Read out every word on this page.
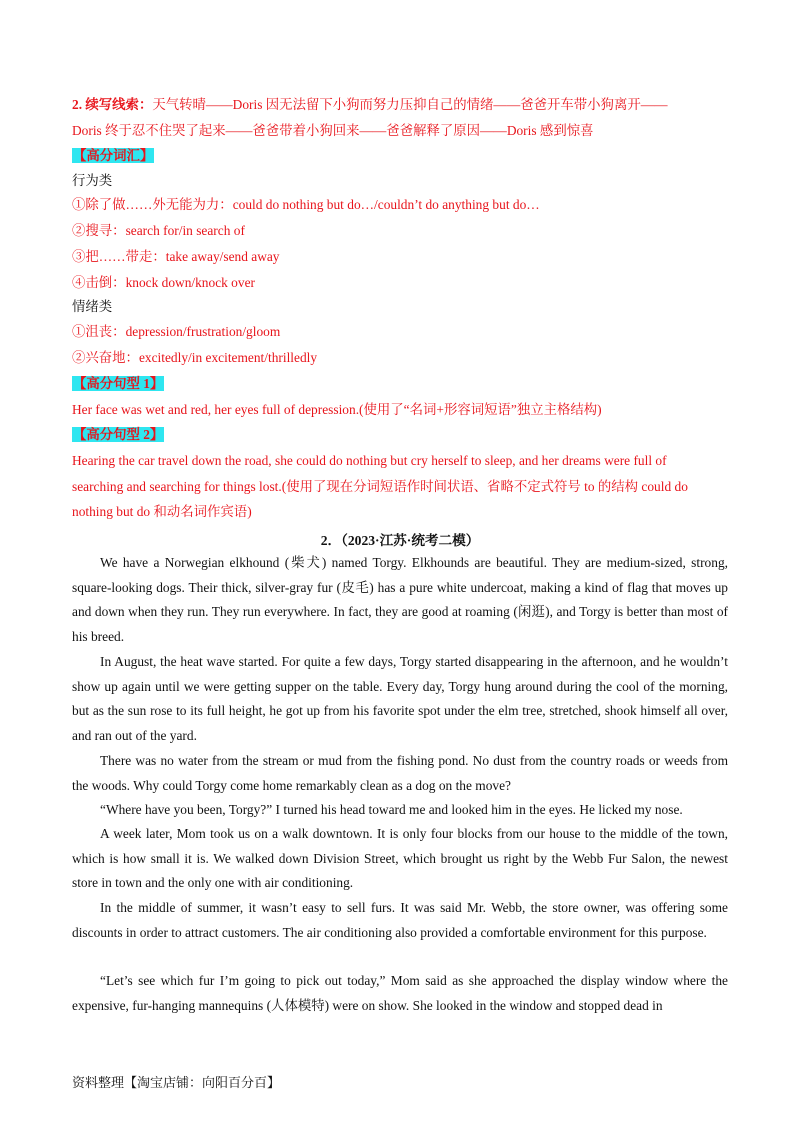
2. 续写线索：天气转晴——Doris 因无法留下小狗而努力压抑自己的情绪——爸爸开车带小狗离开——
Doris 终于忍不住哭了起来——爸爸带着小狗回来——爸爸解释了原因——Doris 感到惊喜
【高分词汇】
行为类
①除了做……外无能为力：could do nothing but do…/couldn’t do anything but do…
②搜寻：search for/in search of
③把……带走：take away/send away
④击倒：knock down/knock over
情绪类
①沮丧：depression/frustration/gloom
②兴奋地：excitedly/in excitement/thrilledly
【高分句型 1】
Her face was wet and red, her eyes full of depression.(使用了“名词+形容词短语”独立主格结构)
【高分句型 2】
Hearing the car travel down the road, she could do nothing but cry herself to sleep, and her dreams were full of
searching and searching for things lost.(使用了现在分词短语作时间状语、省略不定式符号 to 的结构 could do
nothing but do 和动名词作宾语)
2．（2023·江苏·统考二模）

We have a Norwegian elkhound (柴犬) named Torgy. Elkhounds are beautiful. They are medium-sized, strong, square-looking dogs. Their thick, silver-gray fur (皮毛) has a pure white undercoat, making a kind of flag that moves up and down when they run. They run everywhere. In fact, they are good at roaming (闲逛), and Torgy is better than most of his breed.

In August, the heat wave started. For quite a few days, Torgy started disappearing in the afternoon, and he wouldn’t show up again until we were getting supper on the table. Every day, Torgy hung around during the cool of the morning, but as the sun rose to its full height, he got up from his favorite spot under the elm tree, stretched, shook himself all over, and ran out of the yard.

There was no water from the stream or mud from the fishing pond. No dust from the country roads or weeds from the woods. Why could Torgy come home remarkably clean as a dog on the move?

“Where have you been, Torgy?” I turned his head toward me and looked him in the eyes. He licked my nose.

A week later, Mom took us on a walk downtown. It is only four blocks from our house to the middle of the town, which is how small it is. We walked down Division Street, which brought us right by the Webb Fur Salon, the newest store in town and the only one with air conditioning.

In the middle of summer, it wasn’t easy to sell furs. It was said Mr. Webb, the store owner, was offering some discounts in order to attract customers. The air conditioning also provided a comfortable environment for this purpose.

“Let’s see which fur I’m going to pick out today,” Mom said as she approached the display window where the expensive, fur-hanging mannequins (人体模特) were on show. She looked in the window and stopped dead in

资料整理【淘宝店铺：向阳百分百】
